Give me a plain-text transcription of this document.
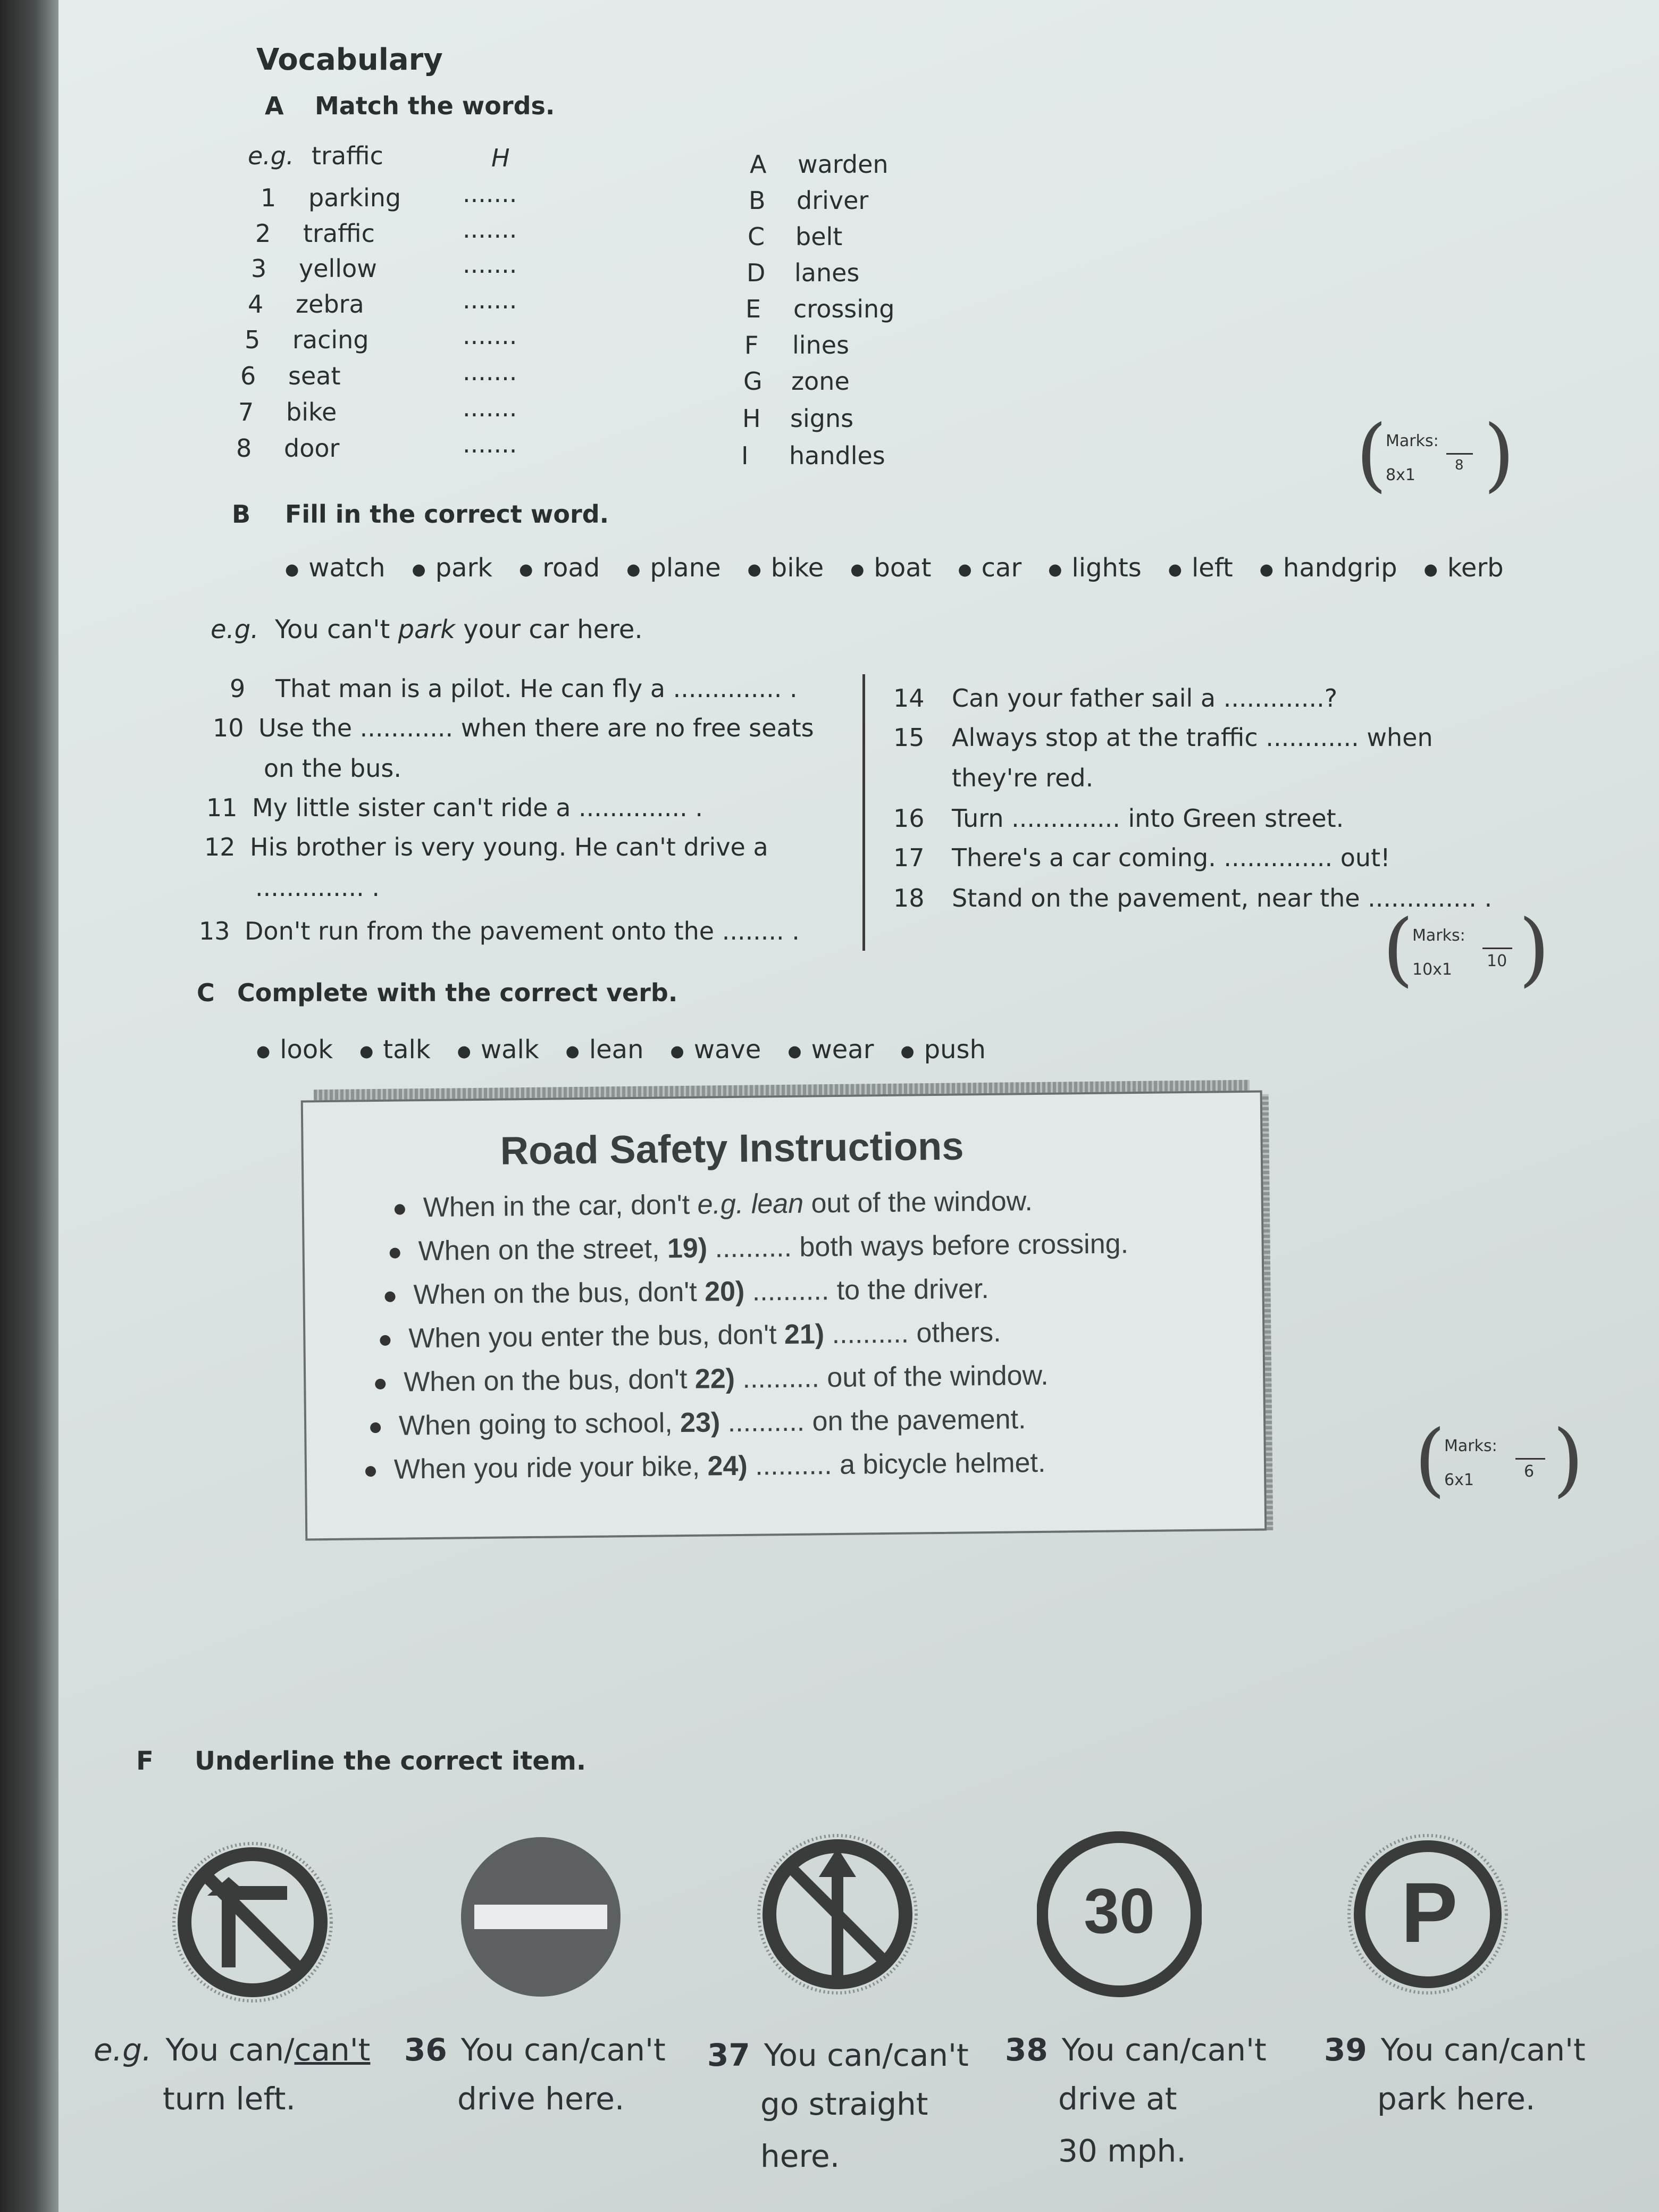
Vocabulary
A Match the words.
e.g. traffic	H
1 parking	.......
2 traffic	.......
3 yellow	.......
4 zebra	.......
5 racing	.......
6 seat	.......
7 bike	.......
8 door	.......
A warden
B driver
C belt
D lanes
E crossing
F lines
G zone
H signs
I handles	(
Marks:
8x1
8 )
B Fill in the correct word.
● watch ● park ● road ● plane ● bike ● boat ● car ● lights ● left ● handgrip ● kerb
e.g. You can't park your car here.
9 That man is a pilot. He can fly a .............. .
10 Use the ............ when there are no free seats
on the bus.
11 My little sister can't ride a .............. .
12 His brother is very young. He can't drive a
.............. .
13 Don't run from the pavement onto the ........ .
14 Can your father sail a .............?
15 Always stop at the traffic ............ when
they're red.
16 Turn .............. into Green street.
17 There's a car coming. .............. out!
18 Stand on the pavement, near the .............. .
(
Marks:
10x1 10 )
C Complete with the correct verb.
● look ● talk ● walk ● lean ● wave ● wear ● push
Road Safety Instructions
When in the car, don't e.g. lean out of the window.
When on the street, 19) .......... both ways before crossing.
When on the bus, don't 20) .......... to the driver.
When you enter the bus, don't 21) .......... others.
When on the bus, don't 22) .......... out of the window.
When going to school, 23) .......... on the pavement.
When you ride your bike, 24) .......... a bicycle helmet.	(
Marks:
6x1	6 )
F Underline the correct item.
30	P
e.g. You can/can't
turn left.
36 You can/can't
drive here.
37 You can/can't
go straight
here.
38 You can/can't
drive at
30 mph.
39 You can/can't
park here.
